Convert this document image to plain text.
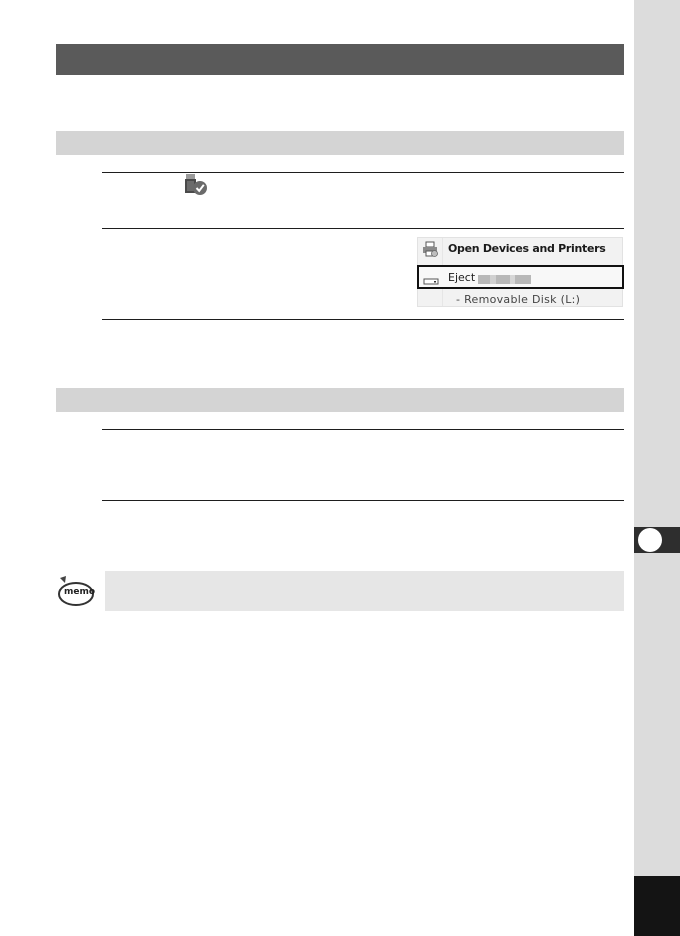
Open Devices and Printers
Eject
- Removable Disk (L:)
memo
